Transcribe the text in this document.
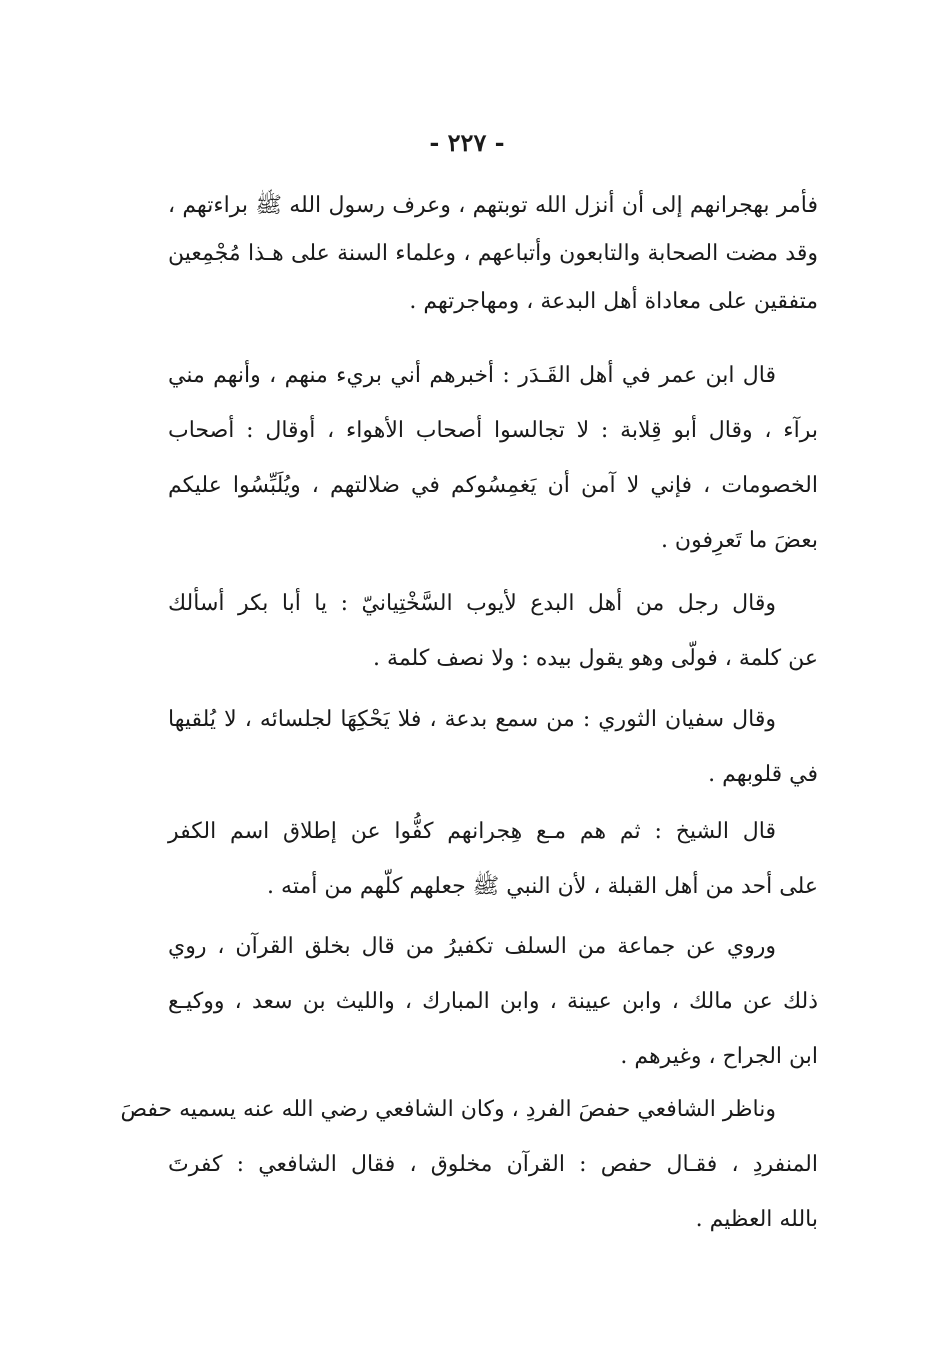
- ٢٢٧ -
فأمر بهجرانهم إلى أن أنزل الله توبتهم ، وعرف رسول الله ﷺ براءتهم ،
وقد مضت الصحابة والتابعون وأتباعهم ، وعلماء السنة على هـذا مُجْمِعين
متفقين على معاداة أهل البدعة ، ومهاجرتهم .
قال ابن عمر في أهل القَـدَر : أخبرهم أني بريء منهم ، وأنهم مني
برآء ، وقال أبو قِلابة : لا تجالسوا أصحاب الأهواء ، أوقال : أصحاب
الخصومات ، فإني لا آمن أن يَغمِسُوكم في ضلالتهم ، ويُلَبِّسُوا عليكم
بعضَ ما تَعرِفون .
وقال رجل من أهل البدع لأيوب السَّخْتِيانيّ : يا أبا بكر أسألك
عن كلمة ، فولّى وهو يقول بيده : ولا نصف كلمة .
وقال سفيان الثوري : من سمع بدعة ، فلا يَحْكِهَا لجلسائه ، لا يُلقيها
في قلوبهم .
قال الشيخ : ثم هم مـع هِجرانهم كفُّوا عن إطلاق اسم الكفر
على أحد من أهل القبلة ، لأن النبي ﷺ جعلهم كلّهم من أمته .
وروي عن جماعة من السلف تكفيرُ من قال بخلق القرآن ، روي
ذلك عن مالك ، وابن عيينة ، وابن المبارك ، والليث بن سعد ، ووكيـع
ابن الجراح ، وغيرهم .
وناظر الشافعي حفصَ الفردِ ، وكان الشافعي رضي الله عنه يسميه حفصَ
المنفردِ ، فقـال حفص : القرآن مخلوق ، فقال الشافعي : كفرتَ
بالله العظيم .
